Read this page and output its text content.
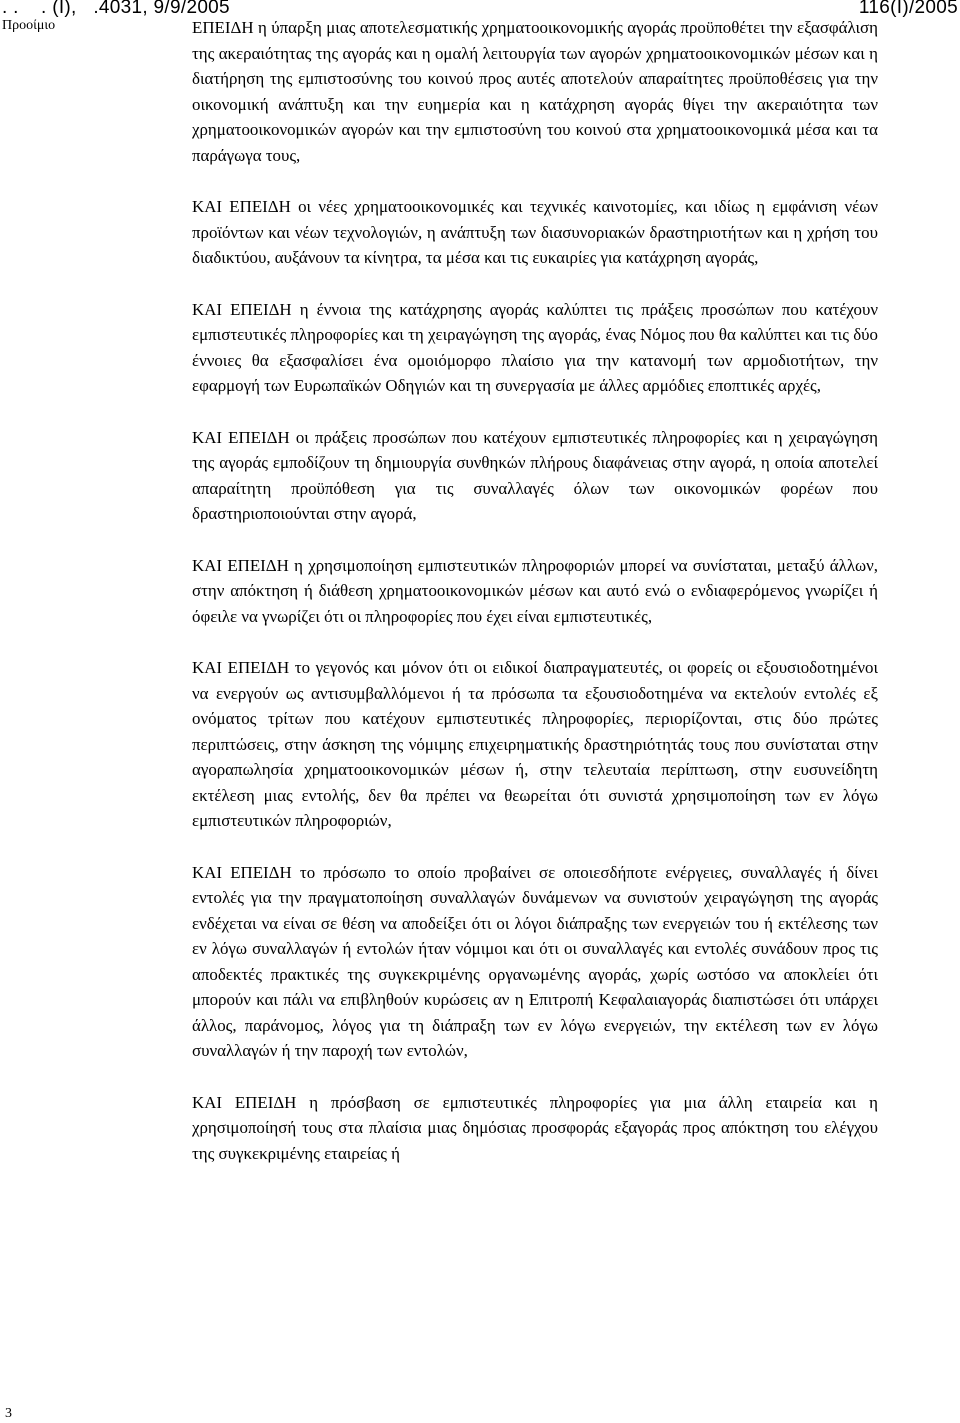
. .    . (I),   .4031, 9/9/2005	116(I)/2005
Προοίμιο	ΕΠΕΙΔΗ η ύπαρξη μιας αποτελεσματικής χρηματοοικονομικής αγοράς προϋποθέτει την εξασφάλιση της ακεραιότητας της αγοράς και η ομαλή λειτουργία των αγορών χρηματοοικονομικών μέσων και η διατήρηση της εμπιστοσύνης του κοινού προς αυτές αποτελούν απαραίτητες προϋποθέσεις για την οικονομική ανάπτυξη και την ευημερία και η κατάχρηση αγοράς θίγει την ακεραιότητα των χρηματοοικονομικών αγορών και την εμπιστοσύνη του κοινού στα χρηματοοικονομικά μέσα και τα παράγωγα τους,

ΚΑΙ ΕΠΕΙΔΗ οι νέες χρηματοοικονομικές και τεχνικές καινοτομίες, και ιδίως η εμφάνιση νέων προϊόντων και νέων τεχνολογιών, η ανάπτυξη των διασυνοριακών δραστηριοτήτων και η χρήση του διαδικτύου, αυξάνουν τα κίνητρα, τα μέσα και τις ευκαιρίες για κατάχρηση αγοράς,

ΚΑΙ ΕΠΕΙΔΗ η έννοια της κατάχρησης αγοράς καλύπτει τις πράξεις προσώπων που κατέχουν εμπιστευτικές πληροφορίες και τη χειραγώγηση της αγοράς, ένας Νόμος που θα καλύπτει και τις δύο έννοιες θα εξασφαλίσει ένα ομοιόμορφο πλαίσιο για την κατανομή των αρμοδιοτήτων, την εφαρμογή των Ευρωπαϊκών Οδηγιών και τη συνεργασία με άλλες αρμόδιες εποπτικές αρχές,

ΚΑΙ ΕΠΕΙΔΗ οι πράξεις προσώπων που κατέχουν εμπιστευτικές πληροφορίες και η χειραγώγηση της αγοράς εμποδίζουν τη δημιουργία συνθηκών πλήρους διαφάνειας στην αγορά, η οποία αποτελεί απαραίτητη προϋπόθεση για τις συναλλαγές όλων των οικονομικών φορέων που δραστηριοποιούνται στην αγορά,

ΚΑΙ ΕΠΕΙΔΗ η χρησιμοποίηση εμπιστευτικών πληροφοριών μπορεί να συνίσταται, μεταξύ άλλων, στην απόκτηση ή διάθεση χρηματοοικονομικών μέσων και αυτό ενώ ο ενδιαφερόμενος γνωρίζει ή όφειλε να γνωρίζει ότι οι πληροφορίες που έχει είναι εμπιστευτικές,

ΚΑΙ ΕΠΕΙΔΗ το γεγονός και μόνον ότι οι ειδικοί διαπραγματευτές, οι φορείς οι εξουσιοδοτημένοι να ενεργούν ως αντισυμβαλλόμενοι ή τα πρόσωπα τα εξουσιοδοτημένα να εκτελούν εντολές εξ ονόματος τρίτων που κατέχουν εμπιστευτικές πληροφορίες, περιορίζονται, στις δύο πρώτες περιπτώσεις, στην άσκηση της νόμιμης επιχειρηματικής δραστηριότητάς τους που συνίσταται στην αγοραπωλησία χρηματοοικονομικών μέσων ή, στην τελευταία περίπτωση, στην ευσυνείδητη εκτέλεση μιας εντολής, δεν θα πρέπει να θεωρείται ότι συνιστά χρησιμοποίηση των εν λόγω εμπιστευτικών πληροφοριών,

ΚΑΙ ΕΠΕΙΔΗ το πρόσωπο το οποίο προβαίνει σε οποιεσδήποτε ενέργειες, συναλλαγές ή δίνει εντολές για την πραγματοποίηση συναλλαγών δυνάμενων να συνιστούν χειραγώγηση της αγοράς ενδέχεται να είναι σε θέση να αποδείξει ότι οι λόγοι διάπραξης των ενεργειών του ή εκτέλεσης των εν λόγω συναλλαγών ή εντολών ήταν νόμιμοι και ότι οι συναλλαγές και εντολές συνάδουν προς τις αποδεκτές πρακτικές της συγκεκριμένης οργανωμένης αγοράς, χωρίς ωστόσο να αποκλείει ότι μπορούν και πάλι να επιβληθούν κυρώσεις αν η Επιτροπή Κεφαλαιαγοράς διαπιστώσει ότι υπάρχει άλλος, παράνομος, λόγος για τη διάπραξη των εν λόγω ενεργειών, την εκτέλεση των εν λόγω συναλλαγών ή την παροχή των εντολών,

ΚΑΙ ΕΠΕΙΔΗ η πρόσβαση σε εμπιστευτικές πληροφορίες για μια άλλη εταιρεία και η χρησιμοποίησή τους στα πλαίσια μιας δημόσιας προσφοράς εξαγοράς προς απόκτηση του ελέγχου της συγκεκριμένης εταιρείας ή

3
